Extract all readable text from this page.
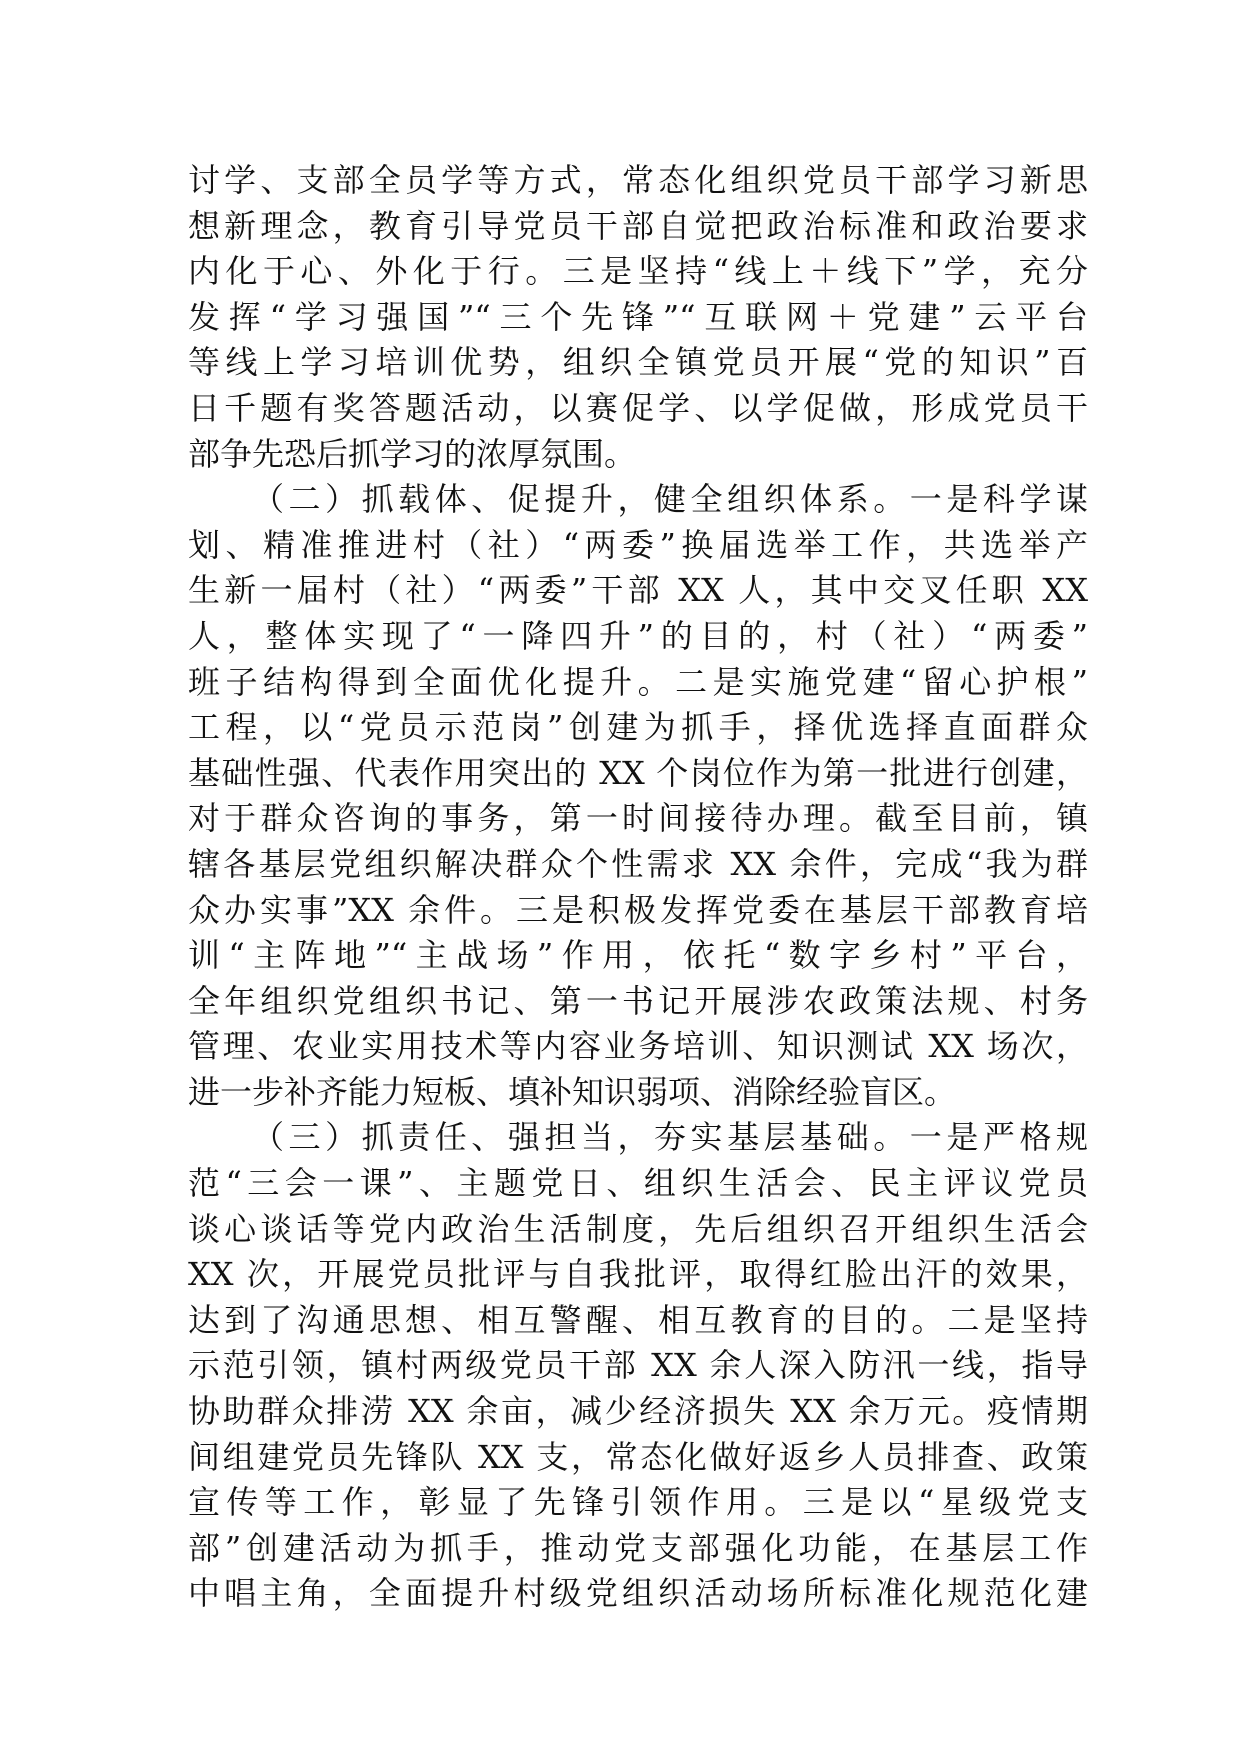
讨学、支部全员学等方式，常态化组织党员干部学习新思
想新理念，教育引导党员干部自觉把政治标准和政治要求
内化于心、外化于行。三是坚持“线上＋线下”学，充分
发挥“学习强国”“三个先锋”“互联网＋党建”云平台
等线上学习培训优势，组织全镇党员开展“党的知识”百
日千题有奖答题活动，以赛促学、以学促做，形成党员干
部争先恐后抓学习的浓厚氛围。
（二）抓载体、促提升，健全组织体系。一是科学谋
划、精准推进村（社）“两委”换届选举工作，共选举产
生新一届村（社）“两委”干部 XX 人，其中交叉任职 XX
人，整体实现了“一降四升”的目的，村（社）“两委”
班子结构得到全面优化提升。二是实施党建“留心护根”
工程，以“党员示范岗”创建为抓手，择优选择直面群众
基础性强、代表作用突出的 XX 个岗位作为第一批进行创建，
对于群众咨询的事务，第一时间接待办理。截至目前，镇
辖各基层党组织解决群众个性需求 XX 余件，完成“我为群
众办实事”XX 余件。三是积极发挥党委在基层干部教育培
训“主阵地”“主战场”作用，依托“数字乡村”平台，
全年组织党组织书记、第一书记开展涉农政策法规、村务
管理、农业实用技术等内容业务培训、知识测试 XX 场次，
进一步补齐能力短板、填补知识弱项、消除经验盲区。
（三）抓责任、强担当，夯实基层基础。一是严格规
范“三会一课”、主题党日、组织生活会、民主评议党员
谈心谈话等党内政治生活制度，先后组织召开组织生活会
XX 次，开展党员批评与自我批评，取得红脸出汗的效果，
达到了沟通思想、相互警醒、相互教育的目的。二是坚持
示范引领，镇村两级党员干部 XX 余人深入防汛一线，指导
协助群众排涝 XX 余亩，减少经济损失 XX 余万元。疫情期
间组建党员先锋队 XX 支，常态化做好返乡人员排查、政策
宣传等工作，彰显了先锋引领作用。三是以“星级党支
部”创建活动为抓手，推动党支部强化功能，在基层工作
中唱主角，全面提升村级党组织活动场所标准化规范化建
